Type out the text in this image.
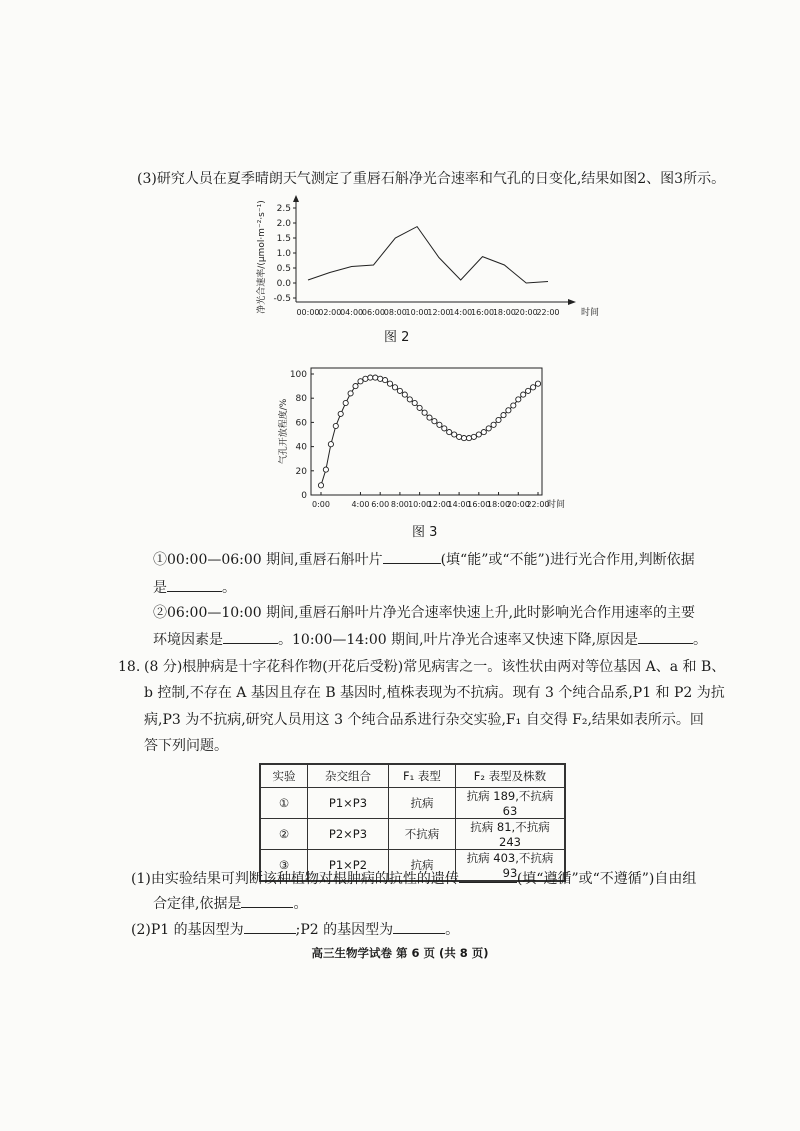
(3)研究人员在夏季晴朗天气测定了重唇石斛净光合速率和气孔的日变化,结果如图2、图3所示。
2.5
2.0
1.5
1.0
0.5
0.0
-0.5
00:00
02:00
04:00
06:00
08:00
10:00
12:00
14:00
16:00
18:00
20:00
22:00 时间
净光合速率/(μmol·m⁻²·s⁻¹)
图 2
100
80
60
40
20
0
0:00	4:00 6:00 8:00 10:00
12:00
14:00
16:00
18:00
20:00
22:00
时间
气孔开放程度/%
图 3
①00:00—06:00 期间,重唇石斛叶片	(填“能”或“不能”)进行光合作用,判断依据
是	。
②06:00—10:00 期间,重唇石斛叶片净光合速率快速上升,此时影响光合作用速率的主要
环境因素是	。10:00—14:00 期间,叶片净光合速率又快速下降,原因是	。
18. (8 分)根肿病是十字花科作物(开花后受粉)常见病害之一。该性状由两对等位基因 A、a 和 B、
b 控制,不存在 A 基因且存在 B 基因时,植株表现为不抗病。现有 3 个纯合品系,P1 和 P2 为抗
病,P3 为不抗病,研究人员用这 3 个纯合品系进行杂交实验,F₁ 自交得 F₂,结果如表所示。回
答下列问题。
实验	杂交组合	F₁ 表型	F₂ 表型及株数
①	P1×P3	抗病	抗病 189,不抗病 63
②	P2×P3	不抗病	抗病 81,不抗病 243
③	P1×P2	抗病	抗病 403,不抗病 93
(1)由实验结果可判断该种植物对根肿病的抗性的遗传	(填“遵循”或“不遵循”)自由组
合定律,依据是	。
(2)P1 的基因型为	;P2 的基因型为	。
高三生物学试卷 第 6 页 (共 8 页)
